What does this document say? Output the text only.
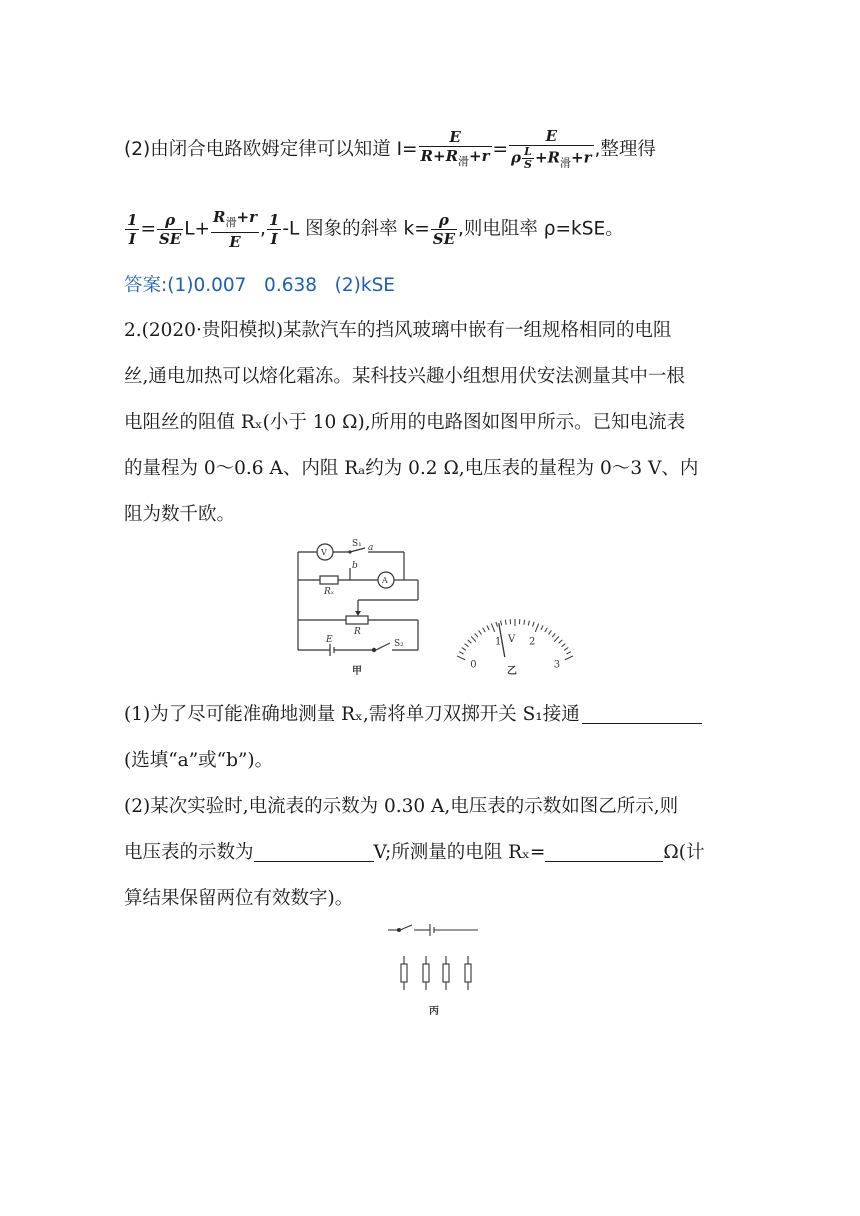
(2)由闭合电路欧姆定律可以知道 $I= \frac{E}{R+R_滑+r} = \frac{E}{\rho \frac{L}{S} +R_滑+r}$ ,整理得
$\frac{1}{I} = \frac{\rho}{SE} L+ \frac{R_滑+r}{E}$ , $\frac{1}{I} -L$ 图象的斜率 $k= \frac{\rho}{SE}$ ,则电阻率 ρ=kSE。
答案:(1)0.007   0.638   (2)kSE
2.(2020·贵阳模拟)某款汽车的挡风玻璃中嵌有一组规格相同的电阻
丝,通电加热可以熔化霜冻。某科技兴趣小组想用伏安法测量其中一根
电阻丝的阻值 Rₓ(小于 10 Ω),所用的电路图如图甲所示。已知电流表
的量程为 0～0.6 A、内阻 Rₐ约为 0.2 Ω,电压表的量程为 0～3 V、内
阻为数千欧。
V
A
S₁ a
b
Rₓ
R
E	S₂
甲
0
1	2
3
V
乙
(1)为了尽可能准确地测量 Rₓ,需将单刀双掷开关 S₁接通
(选填“a”或“b”)。
(2)某次实验时,电流表的示数为 0.30 A,电压表的示数如图乙所示,则
电压表的示数为	V;所测量的电阻 Rₓ=	Ω(计
算结果保留两位有效数字)。
丙
